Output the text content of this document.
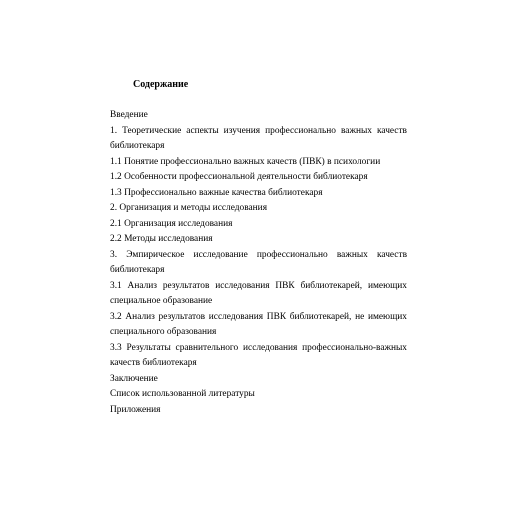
Содержание
Введение
1. Теоретические аспекты изучения профессионально важных качеств библиотекаря
1.1 Понятие профессионально важных качеств (ПВК) в психологии
1.2 Особенности профессиональной деятельности библиотекаря
1.3 Профессионально важные качества библиотекаря
2. Организация и методы исследования
2.1 Организация исследования
2.2 Методы исследования
3. Эмпирическое исследование профессионально важных качеств библиотекаря
3.1 Анализ результатов исследования ПВК библиотекарей, имеющих специальное образование
3.2 Анализ результатов исследования ПВК библиотекарей, не имеющих специального образования
3.3 Результаты сравнительного исследования профессионально-важных качеств библиотекаря
Заключение
Список использованной литературы
Приложения
